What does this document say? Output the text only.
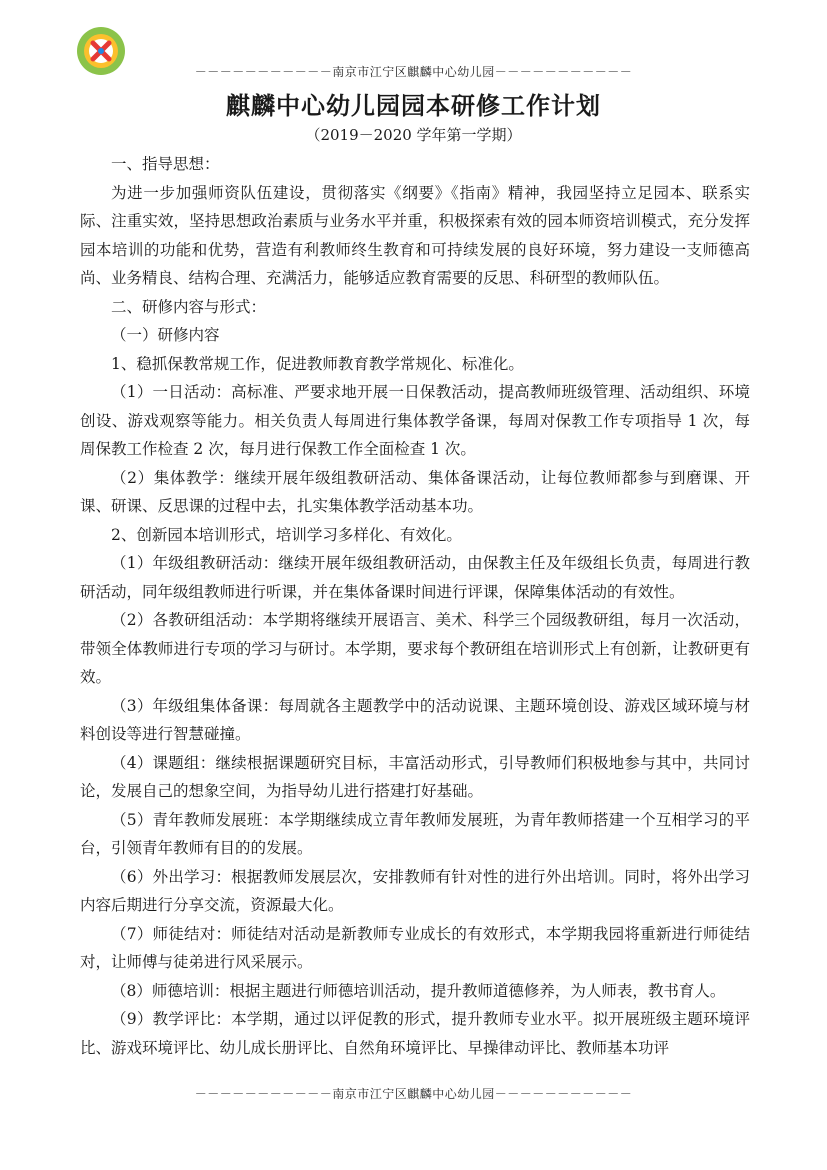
－－－－－－－－－－－南京市江宁区麒麟中心幼儿园－－－－－－－－－－－
麒麟中心幼儿园园本研修工作计划
（2019－2020 学年第一学期）

一、指导思想：

为进一步加强师资队伍建设，贯彻落实《纲要》《指南》精神，我园坚持立足园本、联系实际、注重实效，坚持思想政治素质与业务水平并重，积极探索有效的园本师资培训模式，充分发挥园本培训的功能和优势，营造有利教师终生教育和可持续发展的良好环境，努力建设一支师德高尚、业务精良、结构合理、充满活力，能够适应教育需要的反思、科研型的教师队伍。

二、研修内容与形式：

（一）研修内容

1、稳抓保教常规工作，促进教师教育教学常规化、标准化。

（1）一日活动：高标准、严要求地开展一日保教活动，提高教师班级管理、活动组织、环境创设、游戏观察等能力。相关负责人每周进行集体教学备课，每周对保教工作专项指导 1 次，每周保教工作检查 2 次，每月进行保教工作全面检查 1 次。

（2）集体教学：继续开展年级组教研活动、集体备课活动，让每位教师都参与到磨课、开课、研课、反思课的过程中去，扎实集体教学活动基本功。

2、创新园本培训形式，培训学习多样化、有效化。

（1）年级组教研活动：继续开展年级组教研活动，由保教主任及年级组长负责，每周进行教研活动，同年级组教师进行听课，并在集体备课时间进行评课，保障集体活动的有效性。

（2）各教研组活动：本学期将继续开展语言、美术、科学三个园级教研组，每月一次活动，带领全体教师进行专项的学习与研讨。本学期，要求每个教研组在培训形式上有创新，让教研更有效。

（3）年级组集体备课：每周就各主题教学中的活动说课、主题环境创设、游戏区域环境与材料创设等进行智慧碰撞。

（4）课题组：继续根据课题研究目标，丰富活动形式，引导教师们积极地参与其中，共同讨论，发展自己的想象空间，为指导幼儿进行搭建打好基础。

（5）青年教师发展班：本学期继续成立青年教师发展班，为青年教师搭建一个互相学习的平台，引领青年教师有目的的发展。

（6）外出学习：根据教师发展层次，安排教师有针对性的进行外出培训。同时，将外出学习内容后期进行分享交流，资源最大化。

（7）师徒结对：师徒结对活动是新教师专业成长的有效形式，本学期我园将重新进行师徒结对，让师傅与徒弟进行风采展示。

（8）师德培训：根据主题进行师德培训活动，提升教师道德修养，为人师表，教书育人。

（9）教学评比：本学期，通过以评促教的形式，提升教师专业水平。拟开展班级主题环境评比、游戏环境评比、幼儿成长册评比、自然角环境评比、早操律动评比、教师基本功评

－－－－－－－－－－－南京市江宁区麒麟中心幼儿园－－－－－－－－－－－
